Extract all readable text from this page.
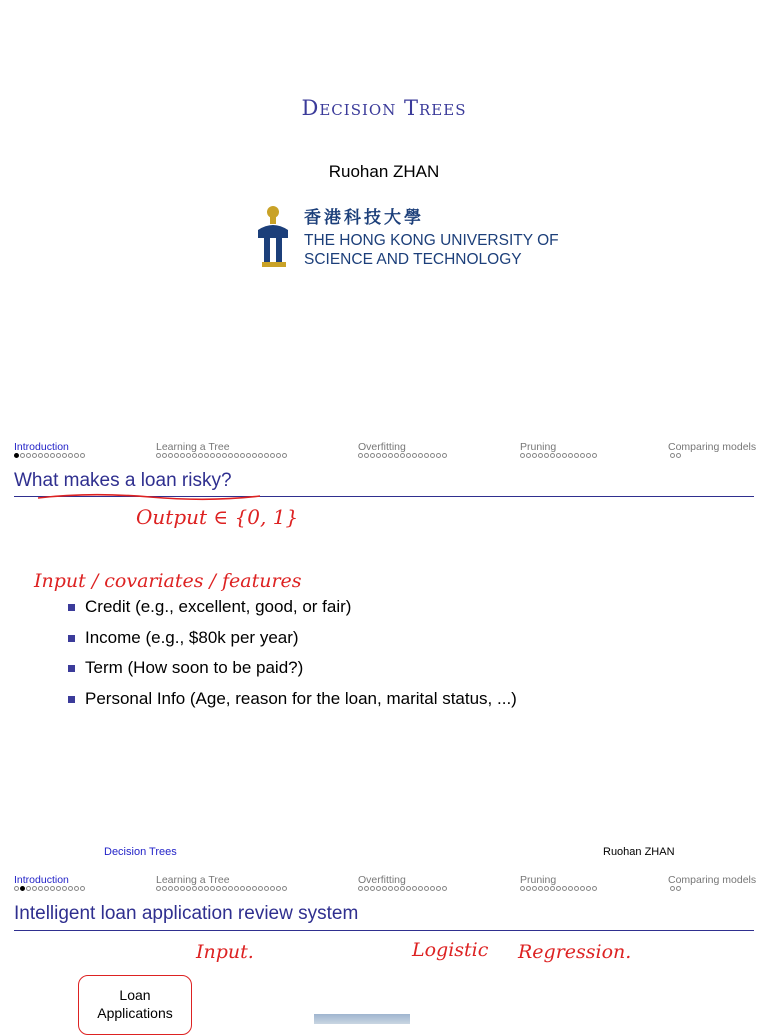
Decision Trees
Ruohan ZHAN
香港科技大學
THE HONG KONG UNIVERSITY OF
SCIENCE AND TECHNOLOGY
Introduction	Learning a Tree	Overfitting	Pruning	Comparing models
What makes a loan risky?
Output ∈ {0, 1}
Input / covariates / features
Credit (e.g., excellent, good, or fair)
Income (e.g., $80k per year)
Term (How soon to be paid?)
Personal Info (Age, reason for the loan, marital status, ...)
Decision Trees	Ruohan ZHAN
Introduction	Learning a Tree	Overfitting	Pruning	Comparing models
Intelligent loan application review system
Input.	Logistic Regression.
Loan
Applications
